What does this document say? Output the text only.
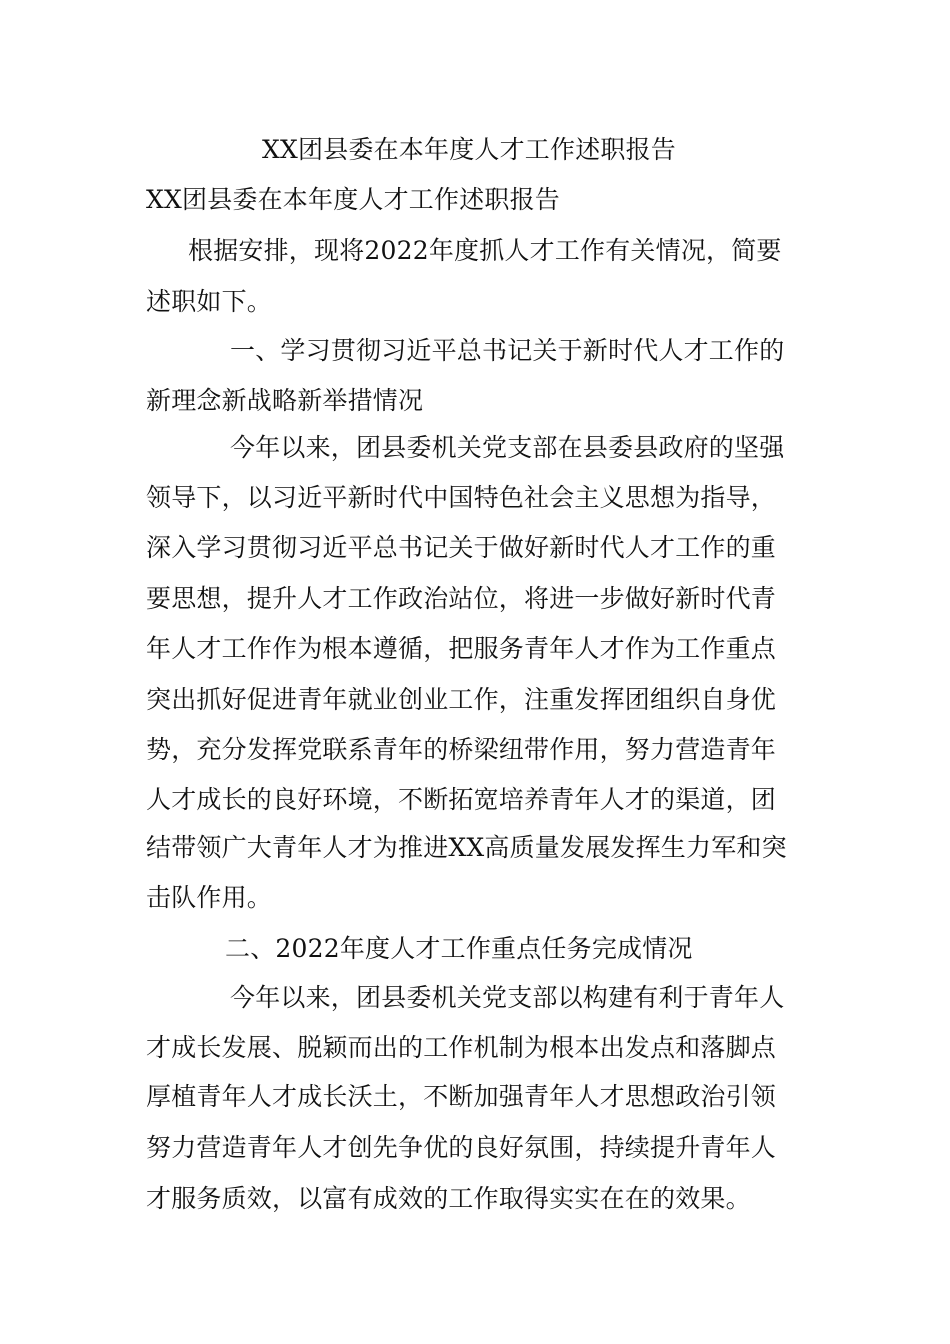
XX团县委在本年度人才工作述职报告
XX团县委在本年度人才工作述职报告
根据安排，现将2022年度抓人才工作有关情况，简要
述职如下。
一、学习贯彻习近平总书记关于新时代人才工作的
新理念新战略新举措情况
今年以来，团县委机关党支部在县委县政府的坚强
领导下，以习近平新时代中国特色社会主义思想为指导，
深入学习贯彻习近平总书记关于做好新时代人才工作的重
要思想，提升人才工作政治站位，将进一步做好新时代青
年人才工作作为根本遵循，把服务青年人才作为工作重点
突出抓好促进青年就业创业工作，注重发挥团组织自身优
势，充分发挥党联系青年的桥梁纽带作用，努力营造青年
人才成长的良好环境，不断拓宽培养青年人才的渠道，团
结带领广大青年人才为推进XX高质量发展发挥生力军和突
击队作用。
二、2022年度人才工作重点任务完成情况
今年以来，团县委机关党支部以构建有利于青年人
才成长发展、脱颖而出的工作机制为根本出发点和落脚点
厚植青年人才成长沃土，不断加强青年人才思想政治引领
努力营造青年人才创先争优的良好氛围，持续提升青年人
才服务质效，以富有成效的工作取得实实在在的效果。
